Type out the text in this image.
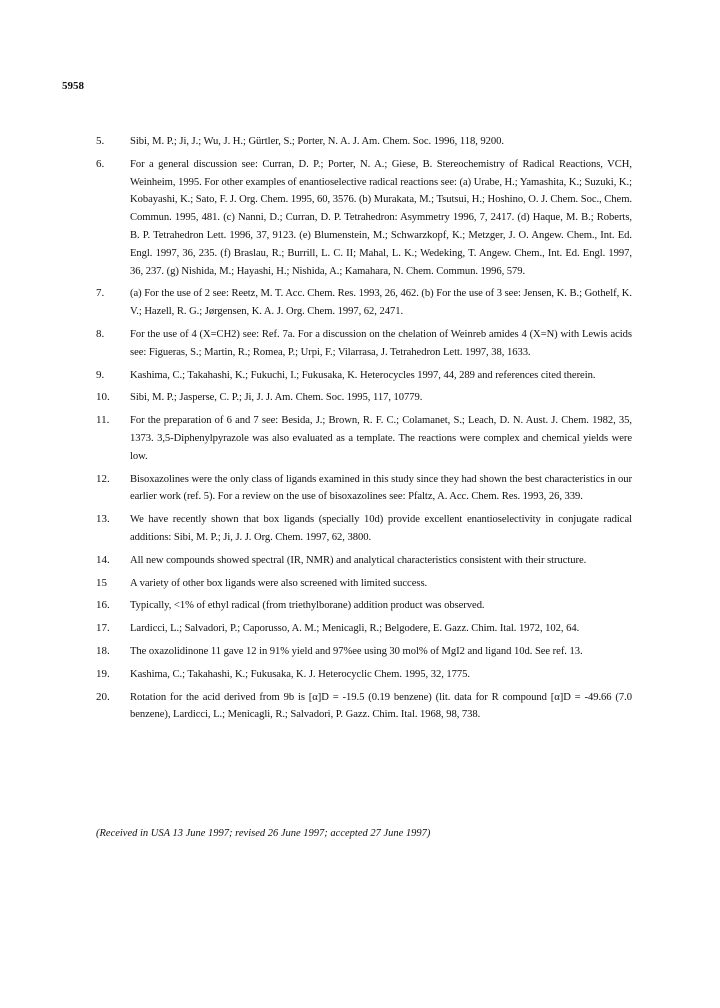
5958
5.	Sibi, M. P.; Ji, J.; Wu, J. H.; Gürtler, S.; Porter, N. A. J. Am. Chem. Soc. 1996, 118, 9200.
6.	For a general discussion see: Curran, D. P.; Porter, N. A.; Giese, B. Stereochemistry of Radical Reactions, VCH, Weinheim, 1995. For other examples of enantioselective radical reactions see: (a) Urabe, H.; Yamashita, K.; Suzuki, K.; Kobayashi, K.; Sato, F. J. Org. Chem. 1995, 60, 3576. (b) Murakata, M.; Tsutsui, H.; Hoshino, O. J. Chem. Soc., Chem. Commun. 1995, 481. (c) Nanni, D.; Curran, D. P. Tetrahedron: Asymmetry 1996, 7, 2417. (d) Haque, M. B.; Roberts, B. P. Tetrahedron Lett. 1996, 37, 9123. (e) Blumenstein, M.; Schwarzkopf, K.; Metzger, J. O. Angew. Chem., Int. Ed. Engl. 1997, 36, 235. (f) Braslau, R.; Burrill, L. C. II; Mahal, L. K.; Wedeking, T. Angew. Chem., Int. Ed. Engl. 1997, 36, 237. (g) Nishida, M.; Hayashi, H.; Nishida, A.; Kamahara, N. Chem. Commun. 1996, 579.
7.	(a) For the use of 2 see: Reetz, M. T. Acc. Chem. Res. 1993, 26, 462. (b) For the use of 3 see: Jensen, K. B.; Gothelf, K. V.; Hazell, R. G.; Jørgensen, K. A. J. Org. Chem. 1997, 62, 2471.
8.	For the use of 4 (X=CH2) see: Ref. 7a. For a discussion on the chelation of Weinreb amides 4 (X=N) with Lewis acids see: Figueras, S.; Martin, R.; Romea, P.; Urpi, F.; Vilarrasa, J. Tetrahedron Lett. 1997, 38, 1633.
9.	Kashima, C.; Takahashi, K.; Fukuchi, I.; Fukusaka, K. Heterocycles 1997, 44, 289 and references cited therein.
10.	Sibi, M. P.; Jasperse, C. P.; Ji, J. J. Am. Chem. Soc. 1995, 117, 10779.
11.	For the preparation of 6 and 7 see: Besida, J.; Brown, R. F. C.; Colamanet, S.; Leach, D. N. Aust. J. Chem. 1982, 35, 1373. 3,5-Diphenylpyrazole was also evaluated as a template. The reactions were complex and chemical yields were low.
12.	Bisoxazolines were the only class of ligands examined in this study since they had shown the best characteristics in our earlier work (ref. 5). For a review on the use of bisoxazolines see: Pfaltz, A. Acc. Chem. Res. 1993, 26, 339.
13.	We have recently shown that box ligands (specially 10d) provide excellent enantioselectivity in conjugate radical additions: Sibi, M. P.; Ji, J. J. Org. Chem. 1997, 62, 3800.
14.	All new compounds showed spectral (IR, NMR) and analytical characteristics consistent with their structure.
15	A variety of other box ligands were also screened with limited success.
16.	Typically, <1% of ethyl radical (from triethylborane) addition product was observed.
17.	Lardicci, L.; Salvadori, P.; Caporusso, A. M.; Menicagli, R.; Belgodere, E. Gazz. Chim. Ital. 1972, 102, 64.
18.	The oxazolidinone 11 gave 12 in 91% yield and 97%ee using 30 mol% of MgI2 and ligand 10d. See ref. 13.
19.	Kashima, C.; Takahashi, K.; Fukusaka, K. J. Heterocyclic Chem. 1995, 32, 1775.
20.	Rotation for the acid derived from 9b is [α]D = -19.5 (0.19 benzene) (lit. data for R compound [α]D = -49.66 (7.0 benzene), Lardicci, L.; Menicagli, R.; Salvadori, P. Gazz. Chim. Ital. 1968, 98, 738.
(Received in USA 13 June 1997; revised 26 June 1997; accepted 27 June 1997)
